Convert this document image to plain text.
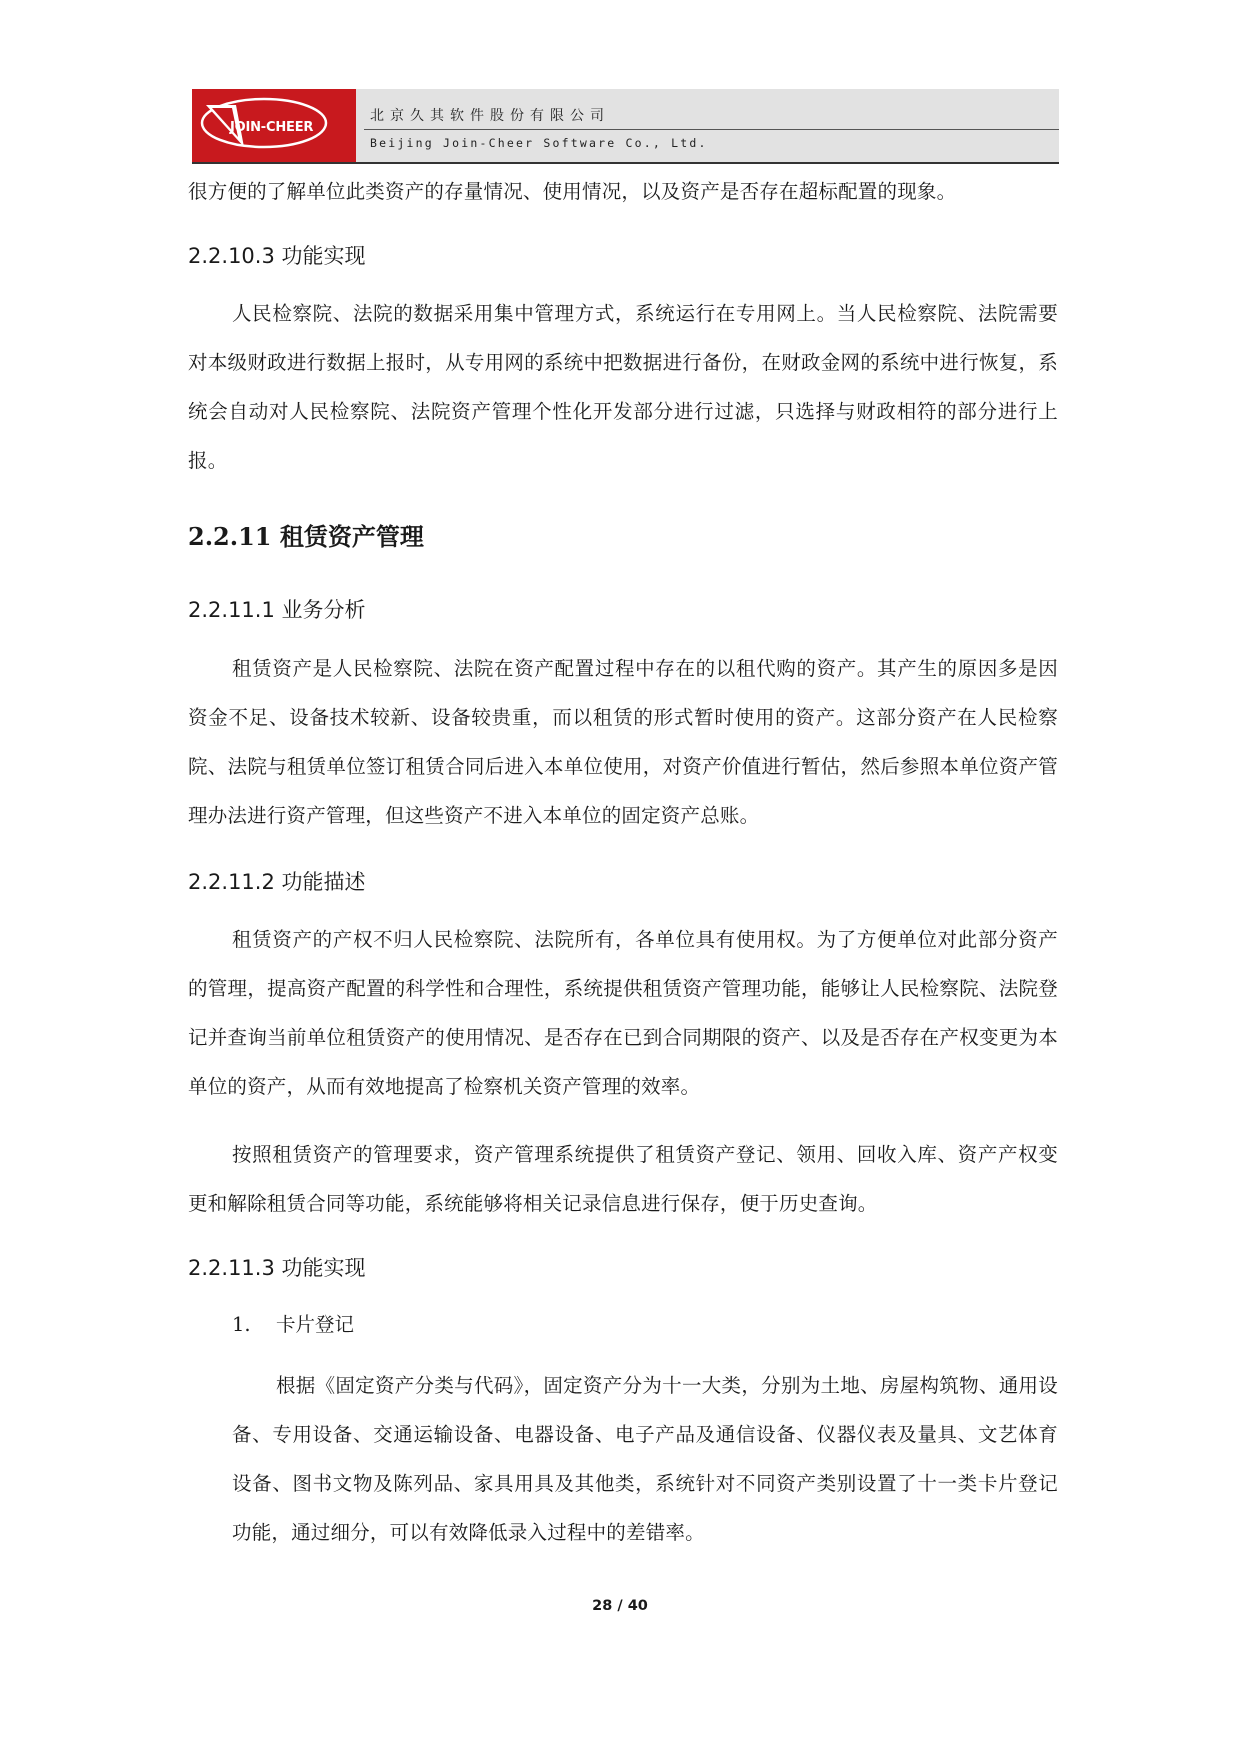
JOIN-CHEER
北京久其软件股份有限公司
Beijing Join-Cheer Software Co., Ltd.

很方便的了解单位此类资产的存量情况、使用情况，以及资产是否存在超标配置的现象。

2.2.10.3 功能实现

人民检察院、法院的数据采用集中管理方式，系统运行在专用网上。当人民检察院、法院需要对本级财政进行数据上报时，从专用网的系统中把数据进行备份，在财政金网的系统中进行恢复，系统会自动对人民检察院、法院资产管理个性化开发部分进行过滤，只选择与财政相符的部分进行上报。

2.2.11 租赁资产管理
2.2.11.1 业务分析

租赁资产是人民检察院、法院在资产配置过程中存在的以租代购的资产。其产生的原因多是因资金不足、设备技术较新、设备较贵重，而以租赁的形式暂时使用的资产。这部分资产在人民检察院、法院与租赁单位签订租赁合同后进入本单位使用，对资产价值进行暂估，然后参照本单位资产管理办法进行资产管理，但这些资产不进入本单位的固定资产总账。

2.2.11.2 功能描述

租赁资产的产权不归人民检察院、法院所有，各单位具有使用权。为了方便单位对此部分资产的管理，提高资产配置的科学性和合理性，系统提供租赁资产管理功能，能够让人民检察院、法院登记并查询当前单位租赁资产的使用情况、是否存在已到合同期限的资产、以及是否存在产权变更为本单位的资产，从而有效地提高了检察机关资产管理的效率。

按照租赁资产的管理要求，资产管理系统提供了租赁资产登记、领用、回收入库、资产产权变更和解除租赁合同等功能，系统能够将相关记录信息进行保存，便于历史查询。

2.2.11.3 功能实现
1. 卡片登记

根据《固定资产分类与代码》，固定资产分为十一大类，分别为土地、房屋构筑物、通用设备、专用设备、交通运输设备、电器设备、电子产品及通信设备、仪器仪表及量具、文艺体育设备、图书文物及陈列品、家具用具及其他类，系统针对不同资产类别设置了十一类卡片登记功能，通过细分，可以有效降低录入过程中的差错率。

28 / 40
